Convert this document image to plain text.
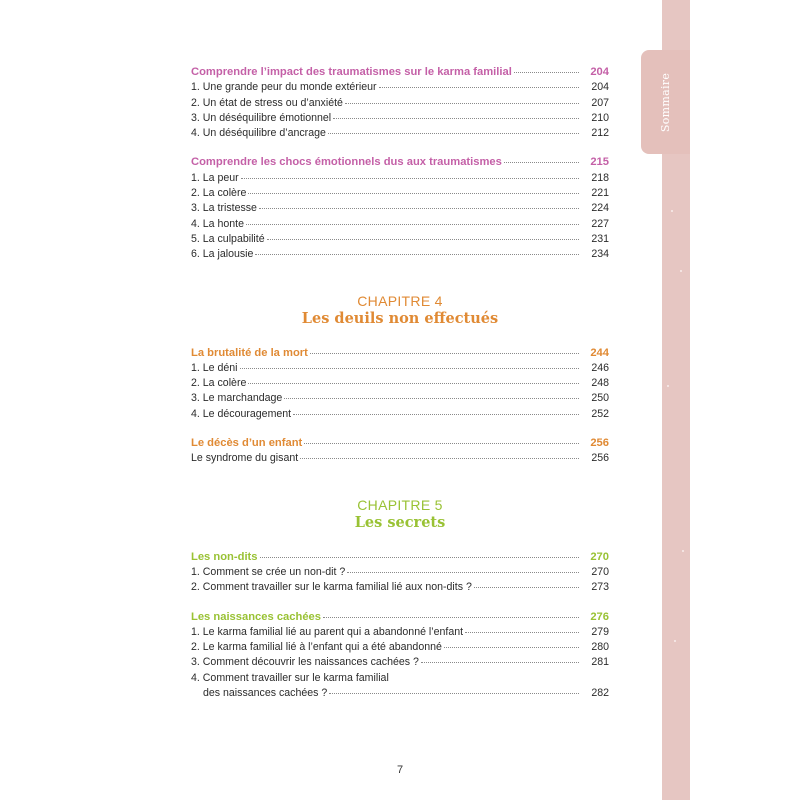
Sommaire
Comprendre l’impact des traumatismes sur le karma familial	204
1. Une grande peur du monde extérieur	204
2. Un état de stress ou d’anxiété	207
3. Un déséquilibre émotionnel	210
4. Un déséquilibre d’ancrage	212
Comprendre les chocs émotionnels dus aux traumatismes	215
1. La peur	218
2. La colère	221
3. La tristesse	224
4. La honte	227
5. La culpabilité	231
6. La jalousie	234
CHAPITRE 4
Les deuils non effectués
La brutalité de la mort	244
1. Le déni	246
2. La colère	248
3. Le marchandage	250
4. Le découragement	252
Le décès d’un enfant	256
Le syndrome du gisant	256
CHAPITRE 5
Les secrets
Les non-dits	270
1. Comment se crée un non-dit ?	270
2. Comment travailler sur le karma familial lié aux non-dits ?	273
Les naissances cachées	276
1. Le karma familial lié au parent qui a abandonné l’enfant	279
2. Le karma familial lié à l’enfant qui a été abandonné	280
3. Comment découvrir les naissances cachées ?	281
4. Comment travailler sur le karma familial
des naissances cachées ?	282
7
